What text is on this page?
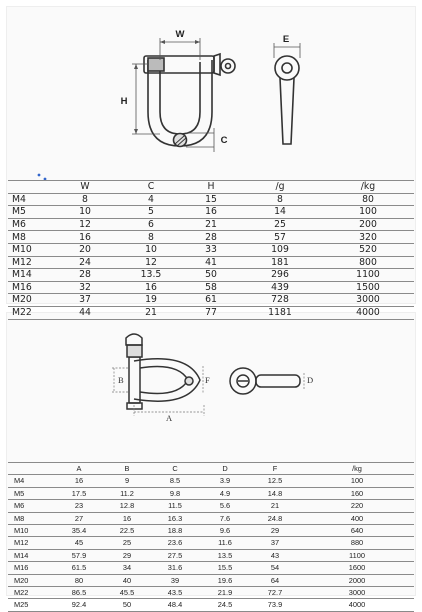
W	E
H
C
	W	C	H	/g	/kg
M4	8	4	15	8	80
M5	10	5	16	14	100
M6	12	6	21	25	200
M8	16	8	28	57	320
M10	20	10	33	109	520
M12	24	12	41	181	800
M14	28	13.5	50	296	1100
M16	32	16	58	439	1500
M20	37	19	61	728	3000
M22	44	21	77	1181	4000
B	F
A
D
	A	B	C	D	F	/kg
M4	16	9	8.5	3.9	12.5	100
M5	17.5	11.2	9.8	4.9	14.8	160
M6	23	12.8	11.5	5.6	21	220
M8	27	16	16.3	7.6	24.8	400
M10	35.4	22.5	18.8	9.6	29	640
M12	45	25	23.6	11.6	37	880
M14	57.9	29	27.5	13.5	43	1100
M16	61.5	34	31.6	15.5	54	1600
M20	80	40	39	19.6	64	2000
M22	86.5	45.5	43.5	21.9	72.7	3000
M25	92.4	50	48.4	24.5	73.9	4000
